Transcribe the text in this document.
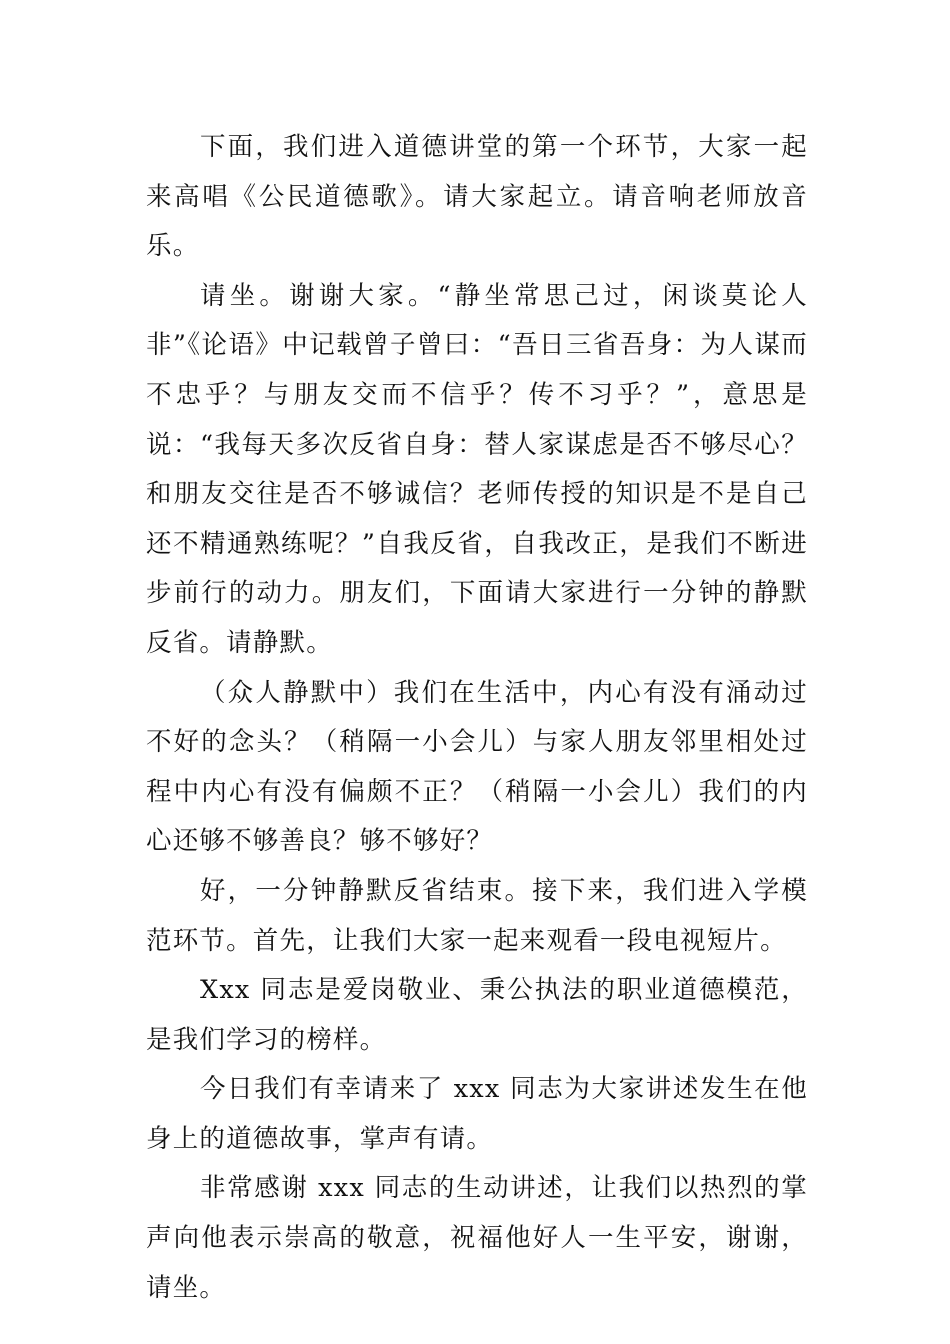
下面，我们进入道德讲堂的第一个环节，大家一起来高唱《公民道德歌》。请大家起立。请音响老师放音乐。

请坐。谢谢大家。“静坐常思己过，闲谈莫论人非”《论语》中记载曾子曾曰：“吾日三省吾身：为人谋而不忠乎？与朋友交而不信乎？传不习乎？”，意思是说：“我每天多次反省自身：替人家谋虑是否不够尽心？和朋友交往是否不够诚信？老师传授的知识是不是自己还不精通熟练呢？”自我反省，自我改正，是我们不断进步前行的动力。朋友们，下面请大家进行一分钟的静默反省。请静默。

（众人静默中）我们在生活中，内心有没有涌动过不好的念头？（稍隔一小会儿）与家人朋友邻里相处过程中内心有没有偏颇不正？（稍隔一小会儿）我们的内心还够不够善良？够不够好？

好，一分钟静默反省结束。接下来，我们进入学模范环节。首先，让我们大家一起来观看一段电视短片。

Xxx 同志是爱岗敬业、秉公执法的职业道德模范，是我们学习的榜样。

今日我们有幸请来了 xxx 同志为大家讲述发生在他身上的道德故事，掌声有请。

非常感谢 xxx 同志的生动讲述，让我们以热烈的掌声向他表示崇高的敬意，祝福他好人一生平安，谢谢，请坐。
